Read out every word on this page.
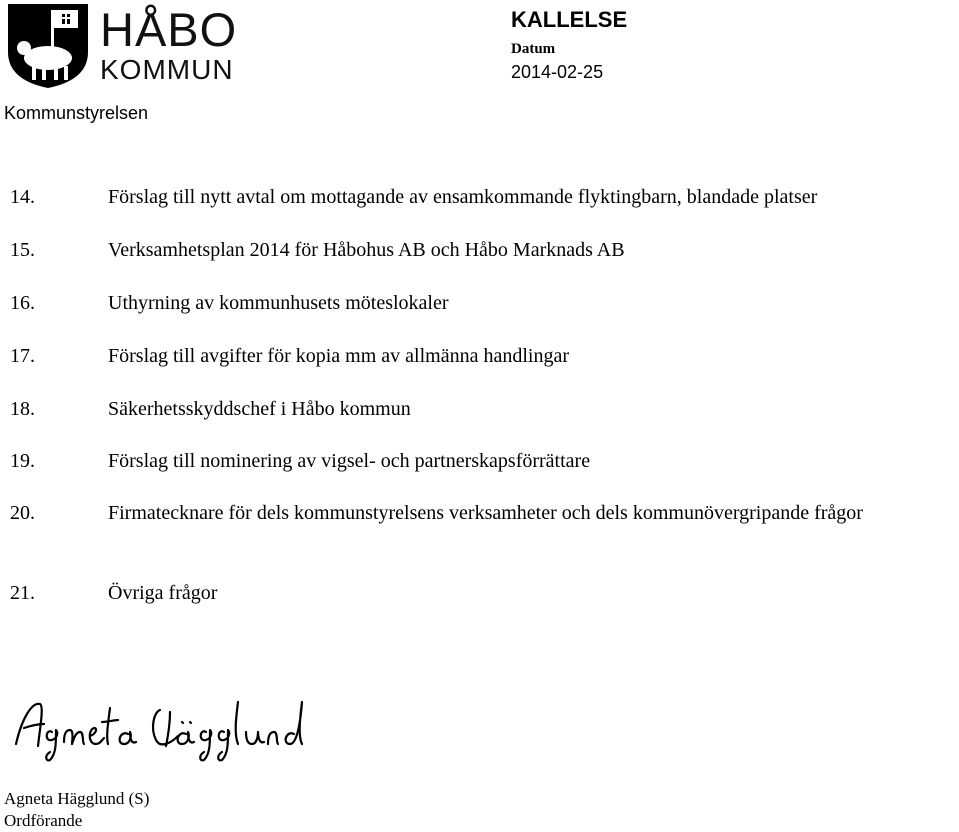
HÅBO
KOMMUN
Kommunstyrelsen
KALLELSE
Datum
2014-02-25
14.	Förslag till nytt avtal om mottagande av ensamkommande flyktingbarn, blandade platser
15.	Verksamhetsplan 2014 för Håbohus AB och Håbo Marknads AB
16.	Uthyrning av kommunhusets möteslokaler
17.	Förslag till avgifter för kopia mm av allmänna handlingar
18.	Säkerhetsskyddschef i Håbo kommun
19.	Förslag till nominering av vigsel- och partnerskapsförrättare
20.	Firmatecknare för dels kommunstyrelsens verksamheter och dels kommunövergripande frågor
21.	Övriga frågor
Agneta Hägglund (S)
Ordförande
